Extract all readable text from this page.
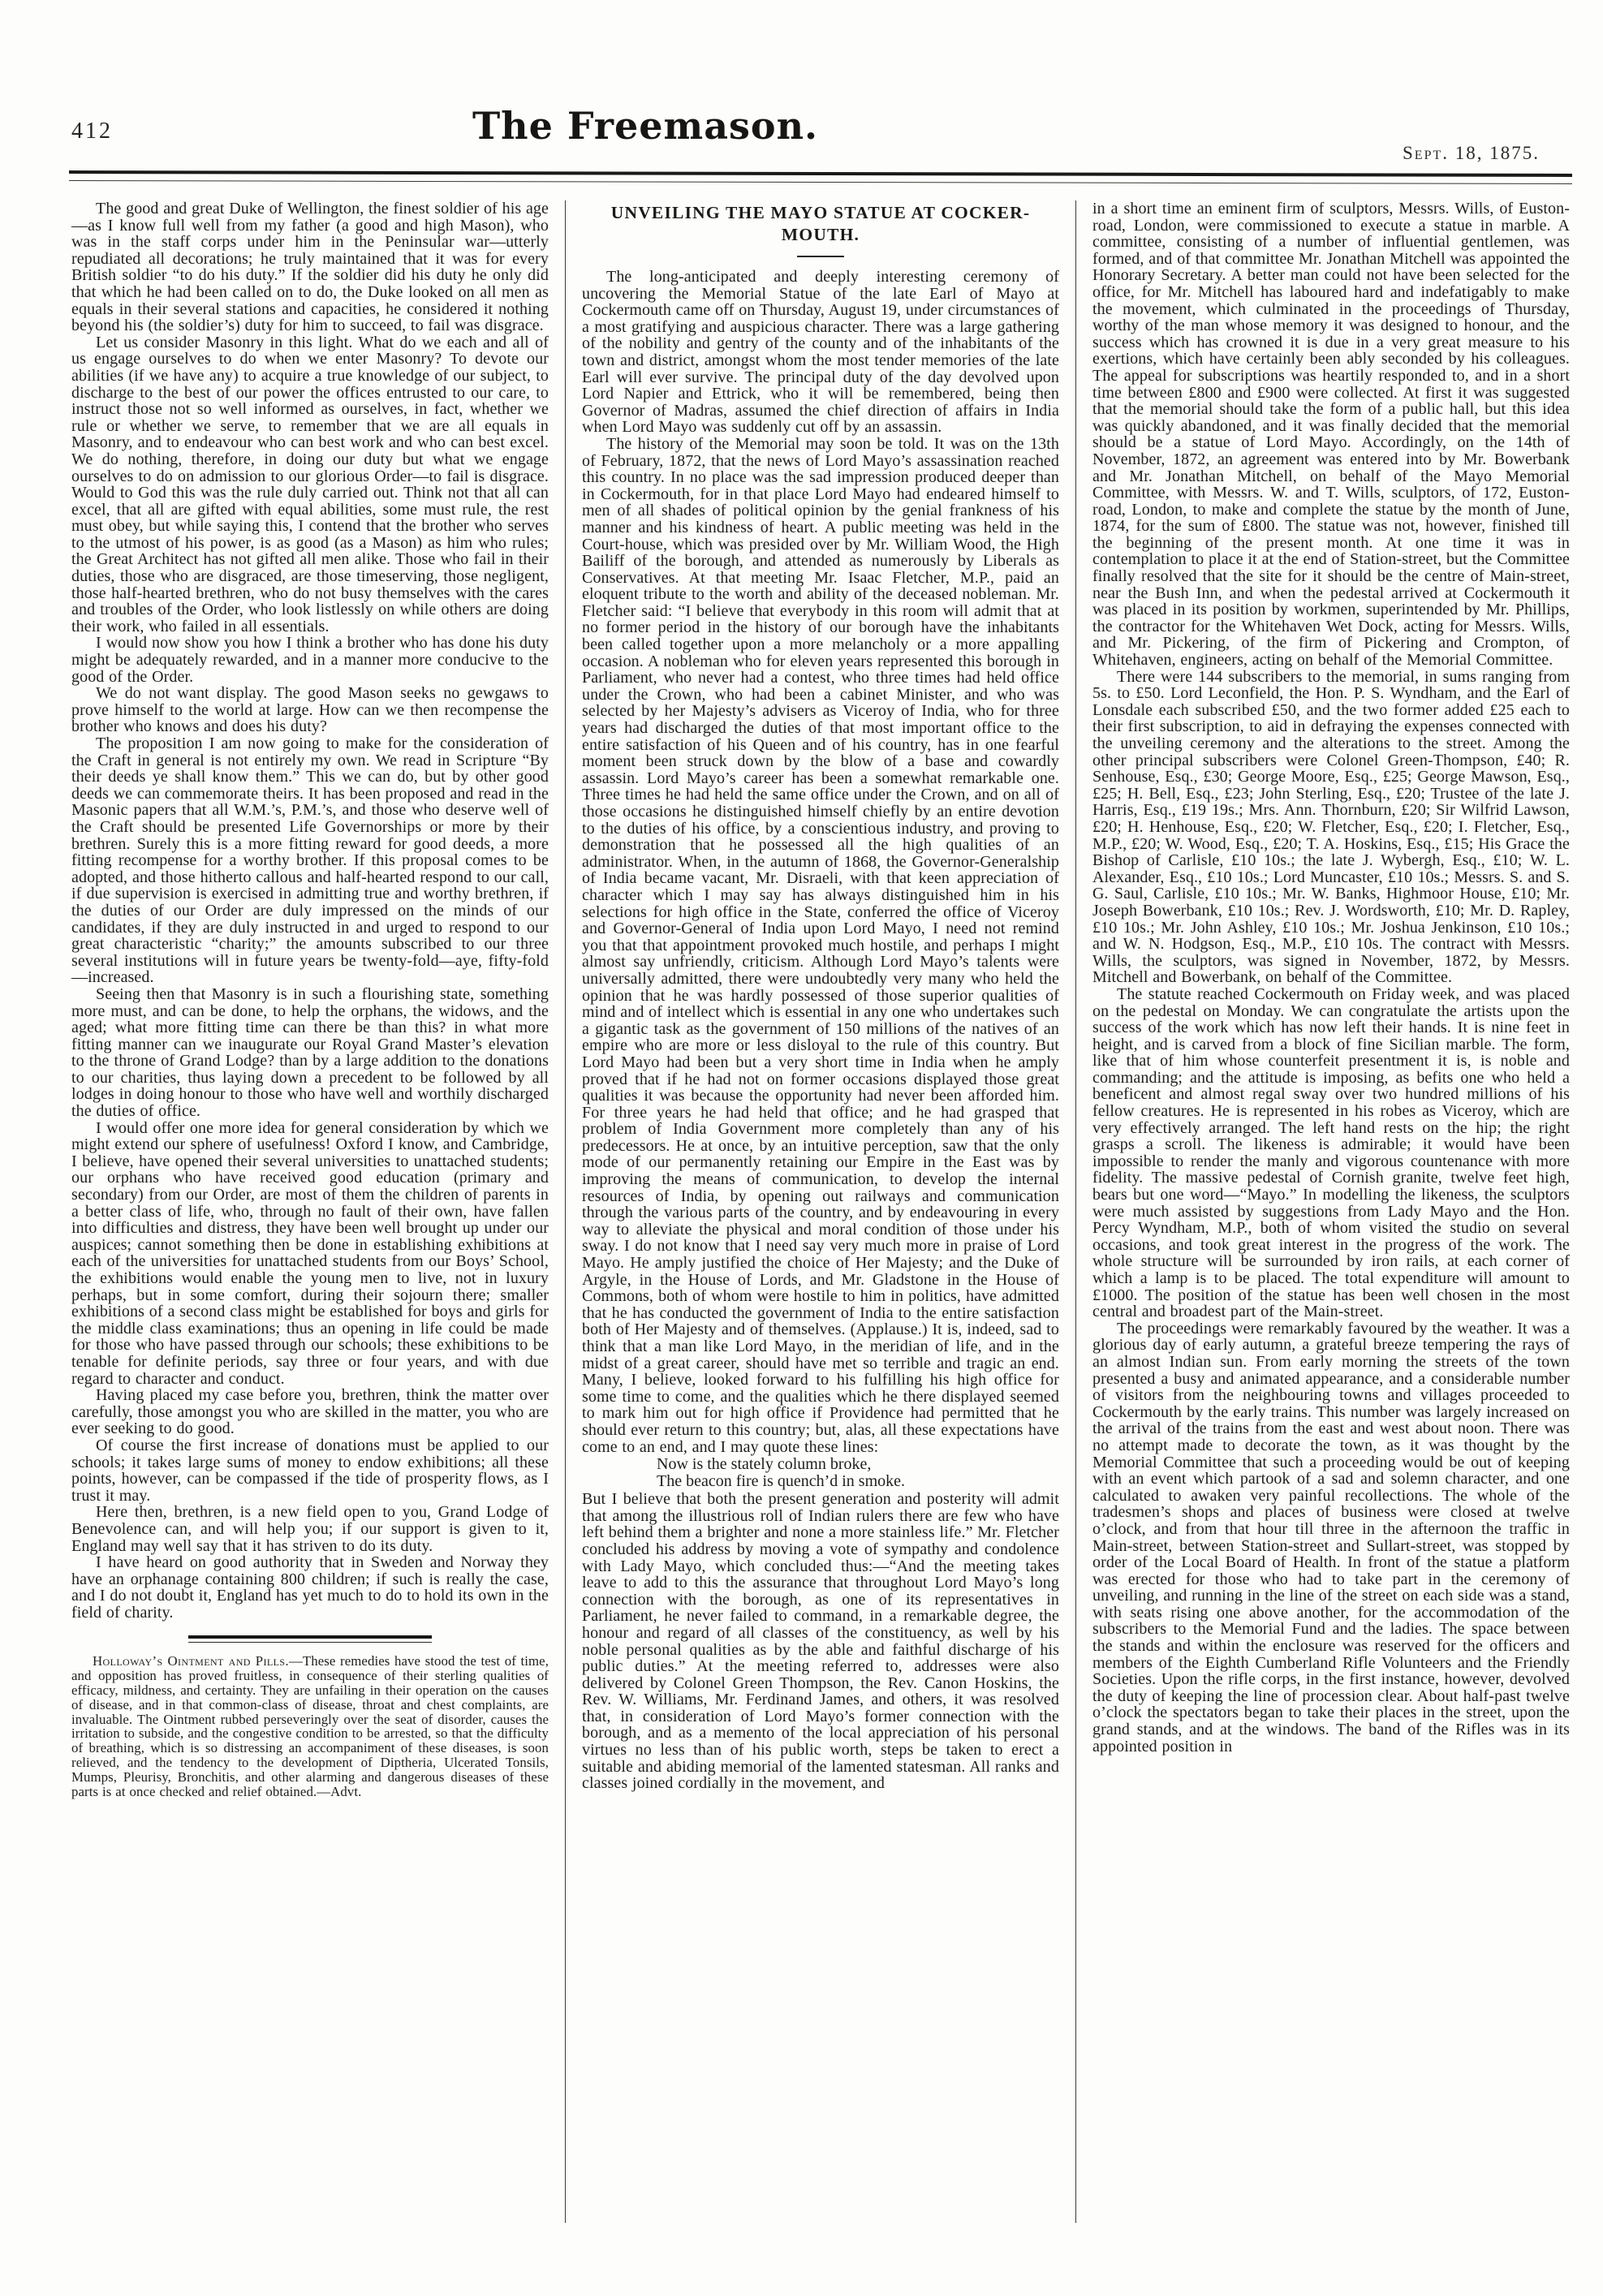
412	The Freemason.
Sept. 18, 1875.

The good and great Duke of Wellington, the finest soldier of his age—as I know full well from my father (a good and high Mason), who was in the staff corps under him in the Peninsular war—utterly repudiated all decorations; he truly maintained that it was for every British soldier “to do his duty.” If the soldier did his duty he only did that which he had been called on to do, the Duke looked on all men as equals in their several stations and capacities, he considered it nothing beyond his (the soldier’s) duty for him to succeed, to fail was disgrace.

Let us consider Masonry in this light. What do we each and all of us engage ourselves to do when we enter Masonry? To devote our abilities (if we have any) to acquire a true knowledge of our subject, to discharge to the best of our power the offices entrusted to our care, to instruct those not so well informed as ourselves, in fact, whether we rule or whether we serve, to remember that we are all equals in Masonry, and to endeavour who can best work and who can best excel. We do nothing, therefore, in doing our duty but what we engage ourselves to do on admission to our glorious Order—to fail is disgrace. Would to God this was the rule duly carried out. Think not that all can excel, that all are gifted with equal abilities, some must rule, the rest must obey, but while saying this, I contend that the brother who serves to the utmost of his power, is as good (as a Mason) as him who rules; the Great Architect has not gifted all men alike. Those who fail in their duties, those who are disgraced, are those timeserving, those negligent, those half-hearted brethren, who do not busy themselves with the cares and troubles of the Order, who look listlessly on while others are doing their work, who failed in all essentials.

I would now show you how I think a brother who has done his duty might be adequately rewarded, and in a manner more conducive to the good of the Order.

We do not want display. The good Mason seeks no gewgaws to prove himself to the world at large. How can we then recompense the brother who knows and does his duty?

The proposition I am now going to make for the consideration of the Craft in general is not entirely my own. We read in Scripture “By their deeds ye shall know them.” This we can do, but by other good deeds we can commemorate theirs. It has been proposed and read in the Masonic papers that all W.M.’s, P.M.’s, and those who deserve well of the Craft should be presented Life Governorships or more by their brethren. Surely this is a more fitting reward for good deeds, a more fitting recompense for a worthy brother. If this proposal comes to be adopted, and those hitherto callous and half-hearted respond to our call, if due supervision is exercised in admitting true and worthy brethren, if the duties of our Order are duly impressed on the minds of our candidates, if they are duly instructed in and urged to respond to our great characteristic “charity;” the amounts subscribed to our three several institutions will in future years be twenty-fold—aye, fifty-fold—increased.

Seeing then that Masonry is in such a flourishing state, something more must, and can be done, to help the orphans, the widows, and the aged; what more fitting time can there be than this? in what more fitting manner can we inaugurate our Royal Grand Master’s elevation to the throne of Grand Lodge? than by a large addition to the donations to our charities, thus laying down a precedent to be followed by all lodges in doing honour to those who have well and worthily discharged the duties of office.

I would offer one more idea for general consideration by which we might extend our sphere of usefulness! Oxford I know, and Cambridge, I believe, have opened their several universities to unattached students; our orphans who have received good education (primary and secondary) from our Order, are most of them the children of parents in a better class of life, who, through no fault of their own, have fallen into difficulties and distress, they have been well brought up under our auspices; cannot something then be done in establishing exhibitions at each of the universities for unattached students from our Boys’ School, the exhibitions would enable the young men to live, not in luxury perhaps, but in some comfort, during their sojourn there; smaller exhibitions of a second class might be established for boys and girls for the middle class examinations; thus an opening in life could be made for those who have passed through our schools; these exhibitions to be tenable for definite periods, say three or four years, and with due regard to character and conduct.

Having placed my case before you, brethren, think the matter over carefully, those amongst you who are skilled in the matter, you who are ever seeking to do good.

Of course the first increase of donations must be applied to our schools; it takes large sums of money to endow exhibitions; all these points, however, can be compassed if the tide of prosperity flows, as I trust it may.

Here then, brethren, is a new field open to you, Grand Lodge of Benevolence can, and will help you; if our support is given to it, England may well say that it has striven to do its duty.

I have heard on good authority that in Sweden and Norway they have an orphanage containing 800 children; if such is really the case, and I do not doubt it, England has yet much to do to hold its own in the field of charity.

Holloway’s Ointment and Pills.—These remedies have stood the test of time, and opposition has proved fruitless, in consequence of their sterling qualities of efficacy, mildness, and certainty. They are unfailing in their operation on the causes of disease, and in that common-class of disease, throat and chest complaints, are invaluable. The Ointment rubbed perseveringly over the seat of disorder, causes the irritation to subside, and the congestive condition to be arrested, so that the difficulty of breathing, which is so distressing an accompaniment of these diseases, is soon relieved, and the tendency to the development of Diptheria, Ulcerated Tonsils, Mumps, Pleurisy, Bronchitis, and other alarming and dangerous diseases of these parts is at once checked and relief obtained.—Advt.

UNVEILING THE MAYO STATUE AT COCKER-
MOUTH.

The long-anticipated and deeply interesting ceremony of uncovering the Memorial Statue of the late Earl of Mayo at Cockermouth came off on Thursday, August 19, under circumstances of a most gratifying and auspicious character. There was a large gathering of the nobility and gentry of the county and of the inhabitants of the town and district, amongst whom the most tender memories of the late Earl will ever survive. The principal duty of the day devolved upon Lord Napier and Ettrick, who it will be remembered, being then Governor of Madras, assumed the chief direction of affairs in India when Lord Mayo was suddenly cut off by an assassin.

The history of the Memorial may soon be told. It was on the 13th of February, 1872, that the news of Lord Mayo’s assassination reached this country. In no place was the sad impression produced deeper than in Cockermouth, for in that place Lord Mayo had endeared himself to men of all shades of political opinion by the genial frankness of his manner and his kindness of heart. A public meeting was held in the Court-house, which was presided over by Mr. William Wood, the High Bailiff of the borough, and attended as numerously by Liberals as Conservatives. At that meeting Mr. Isaac Fletcher, M.P., paid an eloquent tribute to the worth and ability of the deceased nobleman. Mr. Fletcher said: “I believe that everybody in this room will admit that at no former period in the history of our borough have the inhabitants been called together upon a more melancholy or a more appalling occasion. A nobleman who for eleven years represented this borough in Parliament, who never had a contest, who three times had held office under the Crown, who had been a cabinet Minister, and who was selected by her Majesty’s advisers as Viceroy of India, who for three years had discharged the duties of that most important office to the entire satisfaction of his Queen and of his country, has in one fearful moment been struck down by the blow of a base and cowardly assassin. Lord Mayo’s career has been a somewhat remarkable one. Three times he had held the same office under the Crown, and on all of those occasions he distinguished himself chiefly by an entire devotion to the duties of his office, by a conscientious industry, and proving to demonstration that he possessed all the high qualities of an administrator. When, in the autumn of 1868, the Governor-Generalship of India became vacant, Mr. Disraeli, with that keen appreciation of character which I may say has always distinguished him in his selections for high office in the State, conferred the office of Viceroy and Governor-General of India upon Lord Mayo, I need not remind you that that appointment provoked much hostile, and perhaps I might almost say unfriendly, criticism. Although Lord Mayo’s talents were universally admitted, there were undoubtedly very many who held the opinion that he was hardly possessed of those superior qualities of mind and of intellect which is essential in any one who undertakes such a gigantic task as the government of 150 millions of the natives of an empire who are more or less disloyal to the rule of this country. But Lord Mayo had been but a very short time in India when he amply proved that if he had not on former occasions displayed those great qualities it was because the opportunity had never been afforded him. For three years he had held that office; and he had grasped that problem of India Government more completely than any of his predecessors. He at once, by an intuitive perception, saw that the only mode of our permanently retaining our Empire in the East was by improving the means of communication, to develop the internal resources of India, by opening out railways and communication through the various parts of the country, and by endeavouring in every way to alleviate the physical and moral condition of those under his sway. I do not know that I need say very much more in praise of Lord Mayo. He amply justified the choice of Her Majesty; and the Duke of Argyle, in the House of Lords, and Mr. Gladstone in the House of Commons, both of whom were hostile to him in politics, have admitted that he has conducted the government of India to the entire satisfaction both of Her Majesty and of themselves. (Applause.) It is, indeed, sad to think that a man like Lord Mayo, in the meridian of life, and in the midst of a great career, should have met so terrible and tragic an end. Many, I believe, looked forward to his fulfilling his high office for some time to come, and the qualities which he there displayed seemed to mark him out for high office if Providence had permitted that he should ever return to this country; but, alas, all these expectations have come to an end, and I may quote these lines:

Now is the stately column broke,
The beacon fire is quench’d in smoke.

But I believe that both the present generation and posterity will admit that among the illustrious roll of Indian rulers there are few who have left behind them a brighter and none a more stainless life.” Mr. Fletcher concluded his address by moving a vote of sympathy and condolence with Lady Mayo, which concluded thus:—“And the meeting takes leave to add to this the assurance that throughout Lord Mayo’s long connection with the borough, as one of its representatives in Parliament, he never failed to command, in a remarkable degree, the honour and regard of all classes of the constituency, as well by his noble personal qualities as by the able and faithful discharge of his public duties.” At the meeting referred to, addresses were also delivered by Colonel Green Thompson, the Rev. Canon Hoskins, the Rev. W. Williams, Mr. Ferdinand James, and others, it was resolved that, in consideration of Lord Mayo’s former connection with the borough, and as a memento of the local appreciation of his personal virtues no less than of his public worth, steps be taken to erect a suitable and abiding memorial of the lamented statesman. All ranks and classes joined cordially in the movement, and

in a short time an eminent firm of sculptors, Messrs. Wills, of Euston-road, London, were commissioned to execute a statue in marble. A committee, consisting of a number of influential gentlemen, was formed, and of that committee Mr. Jonathan Mitchell was appointed the Honorary Secretary. A better man could not have been selected for the office, for Mr. Mitchell has laboured hard and indefatigably to make the movement, which culminated in the proceedings of Thursday, worthy of the man whose memory it was designed to honour, and the success which has crowned it is due in a very great measure to his exertions, which have certainly been ably seconded by his colleagues. The appeal for subscriptions was heartily responded to, and in a short time between £800 and £900 were collected. At first it was suggested that the memorial should take the form of a public hall, but this idea was quickly abandoned, and it was finally decided that the memorial should be a statue of Lord Mayo. Accordingly, on the 14th of November, 1872, an agreement was entered into by Mr. Bowerbank and Mr. Jonathan Mitchell, on behalf of the Mayo Memorial Committee, with Messrs. W. and T. Wills, sculptors, of 172, Euston-road, London, to make and complete the statue by the month of June, 1874, for the sum of £800. The statue was not, however, finished till the beginning of the present month. At one time it was in contemplation to place it at the end of Station-street, but the Committee finally resolved that the site for it should be the centre of Main-street, near the Bush Inn, and when the pedestal arrived at Cockermouth it was placed in its position by workmen, superintended by Mr. Phillips, the contractor for the Whitehaven Wet Dock, acting for Messrs. Wills, and Mr. Pickering, of the firm of Pickering and Crompton, of Whitehaven, engineers, acting on behalf of the Memorial Committee.

There were 144 subscribers to the memorial, in sums ranging from 5s. to £50. Lord Leconfield, the Hon. P. S. Wyndham, and the Earl of Lonsdale each subscribed £50, and the two former added £25 each to their first subscription, to aid in defraying the expenses connected with the unveiling ceremony and the alterations to the street. Among the other principal subscribers were Colonel Green-Thompson, £40; R. Senhouse, Esq., £30; George Moore, Esq., £25; George Mawson, Esq., £25; H. Bell, Esq., £23; John Sterling, Esq., £20; Trustee of the late J. Harris, Esq., £19 19s.; Mrs. Ann. Thornburn, £20; Sir Wilfrid Lawson, £20; H. Henhouse, Esq., £20; W. Fletcher, Esq., £20; I. Fletcher, Esq., M.P., £20; W. Wood, Esq., £20; T. A. Hoskins, Esq., £15; His Grace the Bishop of Carlisle, £10 10s.; the late J. Wybergh, Esq., £10; W. L. Alexander, Esq., £10 10s.; Lord Muncaster, £10 10s.; Messrs. S. and S. G. Saul, Carlisle, £10 10s.; Mr. W. Banks, Highmoor House, £10; Mr. Joseph Bowerbank, £10 10s.; Rev. J. Wordsworth, £10; Mr. D. Rapley, £10 10s.; Mr. John Ashley, £10 10s.; Mr. Joshua Jenkinson, £10 10s.; and W. N. Hodgson, Esq., M.P., £10 10s. The contract with Messrs. Wills, the sculptors, was signed in November, 1872, by Messrs. Mitchell and Bowerbank, on behalf of the Committee.

The statute reached Cockermouth on Friday week, and was placed on the pedestal on Monday. We can congratulate the artists upon the success of the work which has now left their hands. It is nine feet in height, and is carved from a block of fine Sicilian marble. The form, like that of him whose counterfeit presentment it is, is noble and commanding; and the attitude is imposing, as befits one who held a beneficent and almost regal sway over two hundred millions of his fellow creatures. He is represented in his robes as Viceroy, which are very effectively arranged. The left hand rests on the hip; the right grasps a scroll. The likeness is admirable; it would have been impossible to render the manly and vigorous countenance with more fidelity. The massive pedestal of Cornish granite, twelve feet high, bears but one word—“Mayo.” In modelling the likeness, the sculptors were much assisted by suggestions from Lady Mayo and the Hon. Percy Wyndham, M.P., both of whom visited the studio on several occasions, and took great interest in the progress of the work. The whole structure will be surrounded by iron rails, at each corner of which a lamp is to be placed. The total expenditure will amount to £1000. The position of the statue has been well chosen in the most central and broadest part of the Main-street.

The proceedings were remarkably favoured by the weather. It was a glorious day of early autumn, a grateful breeze tempering the rays of an almost Indian sun. From early morning the streets of the town presented a busy and animated appearance, and a considerable number of visitors from the neighbouring towns and villages proceeded to Cockermouth by the early trains. This number was largely increased on the arrival of the trains from the east and west about noon. There was no attempt made to decorate the town, as it was thought by the Memorial Committee that such a proceeding would be out of keeping with an event which partook of a sad and solemn character, and one calculated to awaken very painful recollections. The whole of the tradesmen’s shops and places of business were closed at twelve o’clock, and from that hour till three in the afternoon the traffic in Main-street, between Station-street and Sullart-street, was stopped by order of the Local Board of Health. In front of the statue a platform was erected for those who had to take part in the ceremony of unveiling, and running in the line of the street on each side was a stand, with seats rising one above another, for the accommodation of the subscribers to the Memorial Fund and the ladies. The space between the stands and within the enclosure was reserved for the officers and members of the Eighth Cumberland Rifle Volunteers and the Friendly Societies. Upon the rifle corps, in the first instance, however, devolved the duty of keeping the line of procession clear. About half-past twelve o’clock the spectators began to take their places in the street, upon the grand stands, and at the windows. The band of the Rifles was in its appointed position in
